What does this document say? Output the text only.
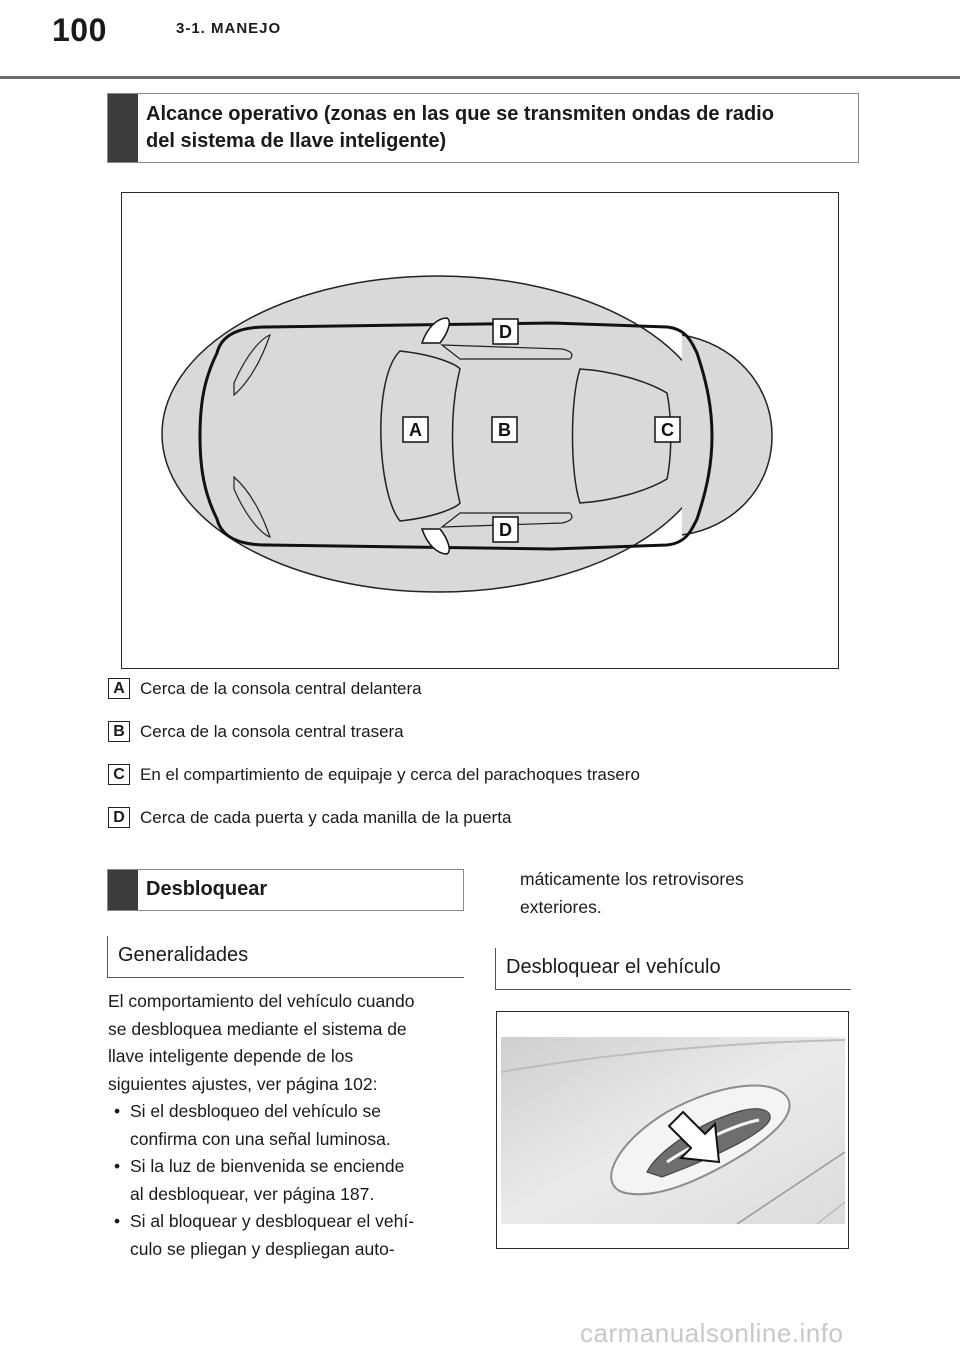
100	3-1. MANEJO
Alcance operativo (zonas en las que se transmiten ondas de radio
del sistema de llave inteligente)
D
A	B	C
D
A Cerca de la consola central delantera
B Cerca de la consola central trasera
C En el compartimiento de equipaje y cerca del parachoques trasero
D Cerca de cada puerta y cada manilla de la puerta
Desbloquear
Generalidades
El comportamiento del vehículo cuando
se desbloquea mediante el sistema de
llave inteligente depende de los
siguientes ajustes, ver página 102:
• Si el desbloqueo del vehículo se
confirma con una señal luminosa.
• Si la luz de bienvenida se enciende
al desbloquear, ver página 187.
• Si al bloquear y desbloquear el vehí-
culo se pliegan y despliegan auto-
máticamente los retrovisores
exteriores.
Desbloquear el vehículo
carmanualsonline.info
